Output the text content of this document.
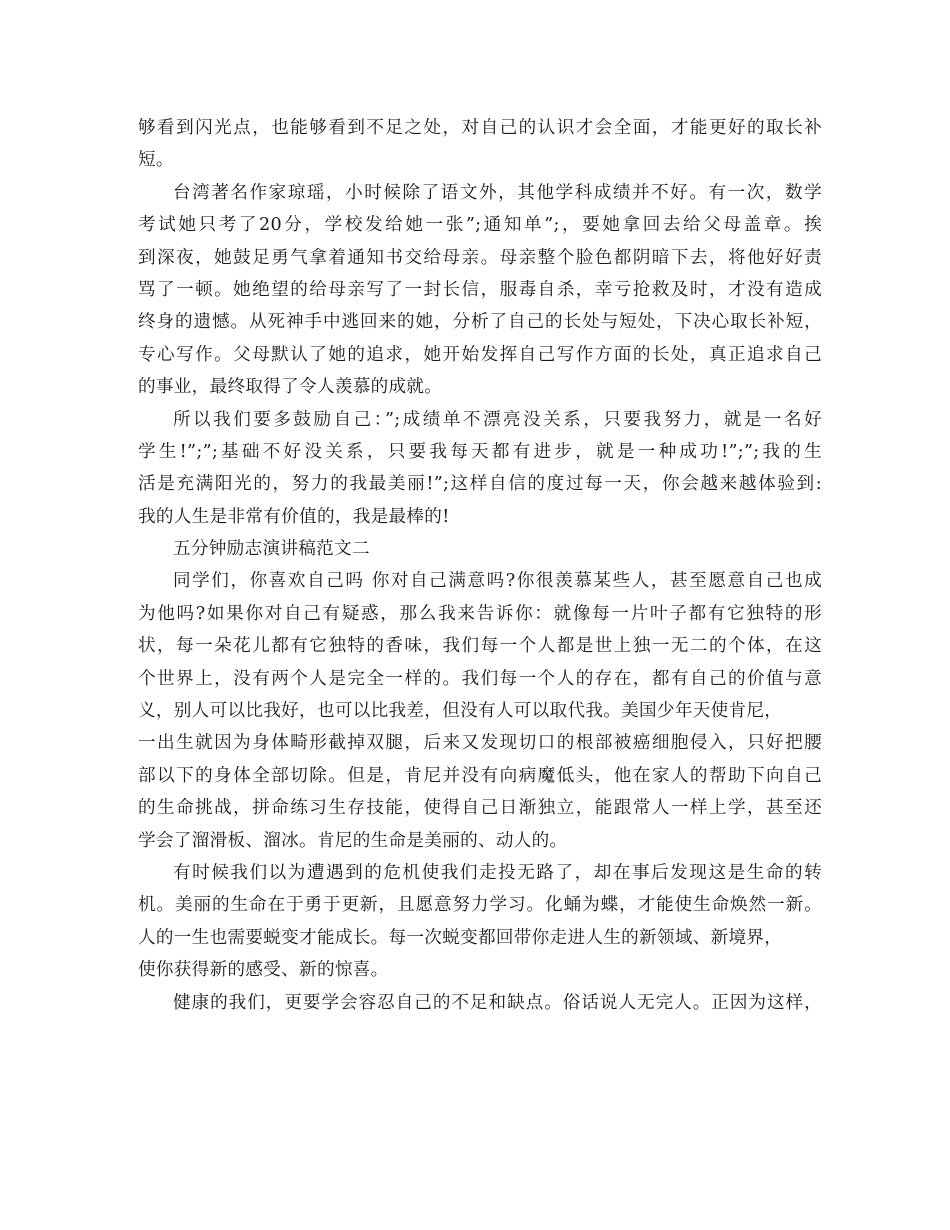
够看到闪光点，也能够看到不足之处，对自己的认识才会全面，才能更好的取长补
短。
台湾著名作家琼瑶，小时候除了语文外，其他学科成绩并不好。有一次，数学
考试她只考了20分，学校发给她一张”;通知单”;，要她拿回去给父母盖章。挨
到深夜，她鼓足勇气拿着通知书交给母亲。母亲整个脸色都阴暗下去，将他好好责
骂了一顿。她绝望的给母亲写了一封长信，服毒自杀，幸亏抢救及时，才没有造成
终身的遗憾。从死神手中逃回来的她，分析了自己的长处与短处，下决心取长补短，
专心写作。父母默认了她的追求，她开始发挥自己写作方面的长处，真正追求自己
的事业，最终取得了令人羡慕的成就。
所以我们要多鼓励自己：”;成绩单不漂亮没关系，只要我努力，就是一名好
学生!”;”;基础不好没关系，只要我每天都有进步，就是一种成功!”;”;我的生
活是充满阳光的，努力的我最美丽!”;这样自信的度过每一天，你会越来越体验到:
我的人生是非常有价值的，我是最棒的!
五分钟励志演讲稿范文二
同学们，你喜欢自己吗 你对自己满意吗?你很羡慕某些人，甚至愿意自己也成
为他吗?如果你对自己有疑惑，那么我来告诉你：就像每一片叶子都有它独特的形
状，每一朵花儿都有它独特的香味，我们每一个人都是世上独一无二的个体，在这
个世界上，没有两个人是完全一样的。我们每一个人的存在，都有自己的价值与意
义，别人可以比我好，也可以比我差，但没有人可以取代我。美国少年天使肯尼，
一出生就因为身体畸形截掉双腿，后来又发现切口的根部被癌细胞侵入，只好把腰
部以下的身体全部切除。但是，肯尼并没有向病魔低头，他在家人的帮助下向自己
的生命挑战，拼命练习生存技能，使得自己日渐独立，能跟常人一样上学，甚至还
学会了溜滑板、溜冰。肯尼的生命是美丽的、动人的。
有时候我们以为遭遇到的危机使我们走投无路了，却在事后发现这是生命的转
机。美丽的生命在于勇于更新，且愿意努力学习。化蛹为蝶，才能使生命焕然一新。
人的一生也需要蜕变才能成长。每一次蜕变都回带你走进人生的新领域、新境界，
使你获得新的感受、新的惊喜。
健康的我们，更要学会容忍自己的不足和缺点。俗话说人无完人。正因为这样，
